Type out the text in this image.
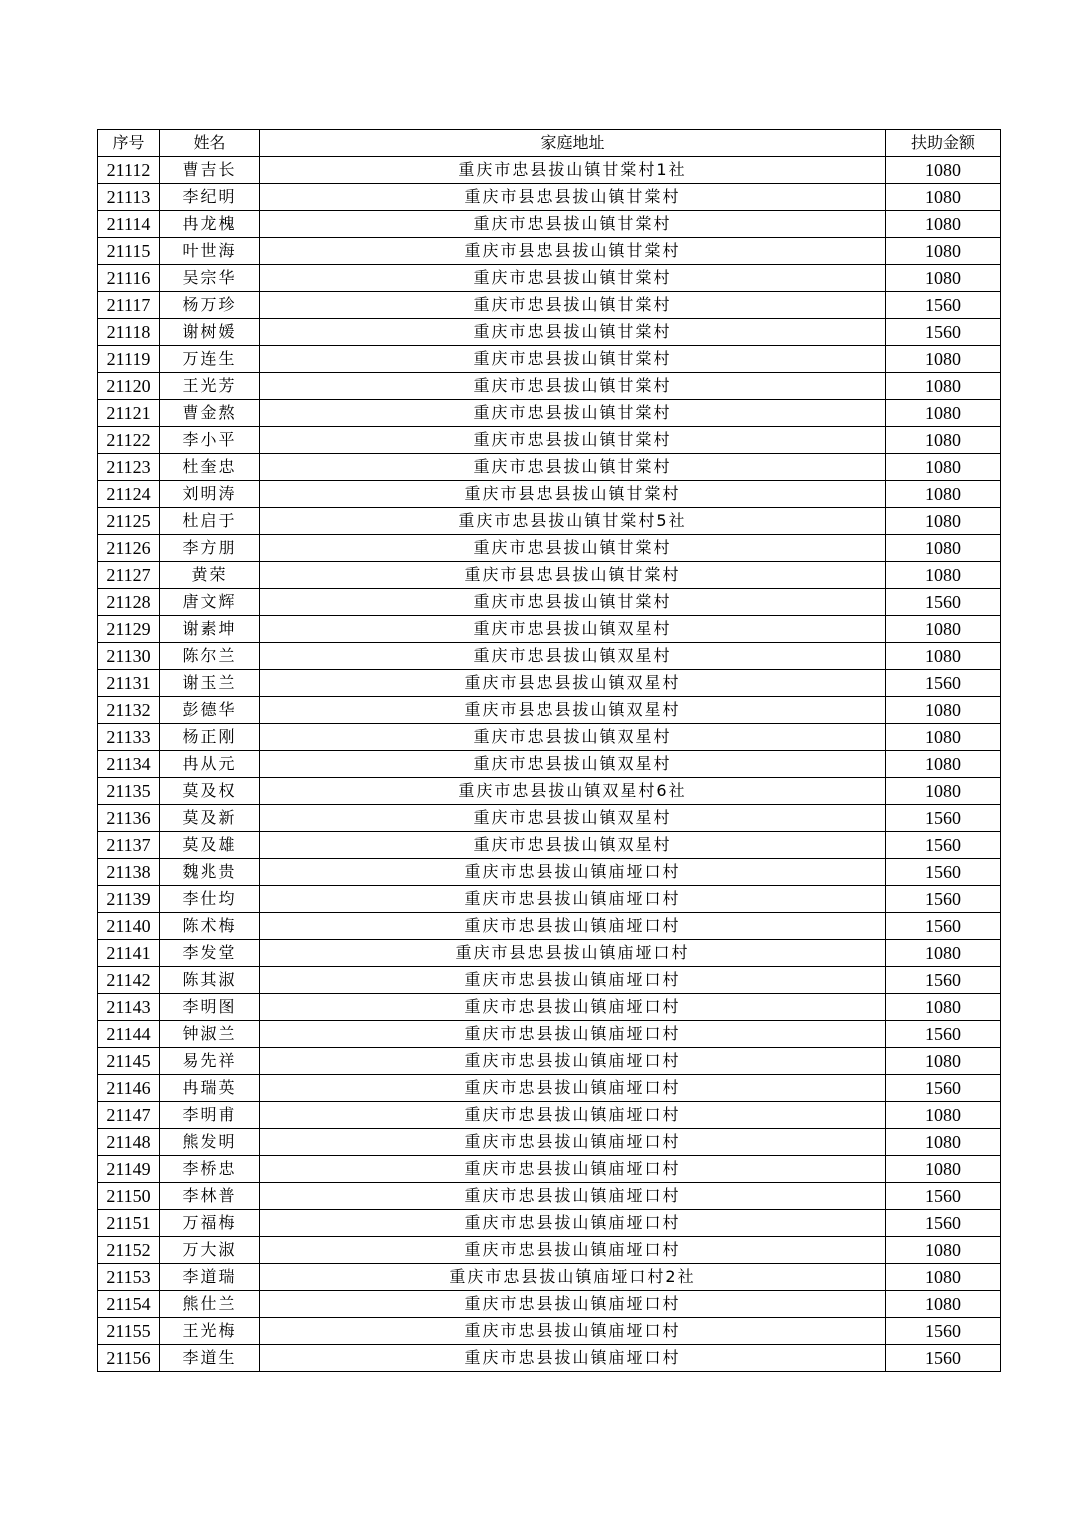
序号	姓名	家庭地址	扶助金额
21112	曹吉长	重庆市忠县拔山镇甘棠村1社	1080
21113	李纪明	重庆市县忠县拔山镇甘棠村	1080
21114	冉龙槐	重庆市忠县拔山镇甘棠村	1080
21115	叶世海	重庆市县忠县拔山镇甘棠村	1080
21116	吴宗华	重庆市忠县拔山镇甘棠村	1080
21117	杨万珍	重庆市忠县拔山镇甘棠村	1560
21118	谢树媛	重庆市忠县拔山镇甘棠村	1560
21119	万连生	重庆市忠县拔山镇甘棠村	1080
21120	王光芳	重庆市忠县拔山镇甘棠村	1080
21121	曹金熬	重庆市忠县拔山镇甘棠村	1080
21122	李小平	重庆市忠县拔山镇甘棠村	1080
21123	杜奎忠	重庆市忠县拔山镇甘棠村	1080
21124	刘明涛	重庆市县忠县拔山镇甘棠村	1080
21125	杜启于	重庆市忠县拔山镇甘棠村5社	1080
21126	李方朋	重庆市忠县拔山镇甘棠村	1080
21127	黄荣	重庆市县忠县拔山镇甘棠村	1080
21128	唐文辉	重庆市忠县拔山镇甘棠村	1560
21129	谢素坤	重庆市忠县拔山镇双星村	1080
21130	陈尔兰	重庆市忠县拔山镇双星村	1080
21131	谢玉兰	重庆市县忠县拔山镇双星村	1560
21132	彭德华	重庆市县忠县拔山镇双星村	1080
21133	杨正刚	重庆市忠县拔山镇双星村	1080
21134	冉从元	重庆市忠县拔山镇双星村	1080
21135	莫及权	重庆市忠县拔山镇双星村6社	1080
21136	莫及新	重庆市忠县拔山镇双星村	1560
21137	莫及雄	重庆市忠县拔山镇双星村	1560
21138	魏兆贵	重庆市忠县拔山镇庙垭口村	1560
21139	李仕均	重庆市忠县拔山镇庙垭口村	1560
21140	陈术梅	重庆市忠县拔山镇庙垭口村	1560
21141	李发堂	重庆市县忠县拔山镇庙垭口村	1080
21142	陈其淑	重庆市忠县拔山镇庙垭口村	1560
21143	李明图	重庆市忠县拔山镇庙垭口村	1080
21144	钟淑兰	重庆市忠县拔山镇庙垭口村	1560
21145	易先祥	重庆市忠县拔山镇庙垭口村	1080
21146	冉瑞英	重庆市忠县拔山镇庙垭口村	1560
21147	李明甫	重庆市忠县拔山镇庙垭口村	1080
21148	熊发明	重庆市忠县拔山镇庙垭口村	1080
21149	李桥忠	重庆市忠县拔山镇庙垭口村	1080
21150	李林普	重庆市忠县拔山镇庙垭口村	1560
21151	万福梅	重庆市忠县拔山镇庙垭口村	1560
21152	万大淑	重庆市忠县拔山镇庙垭口村	1080
21153	李道瑞	重庆市忠县拔山镇庙垭口村2社	1080
21154	熊仕兰	重庆市忠县拔山镇庙垭口村	1080
21155	王光梅	重庆市忠县拔山镇庙垭口村	1560
21156	李道生	重庆市忠县拔山镇庙垭口村	1560
